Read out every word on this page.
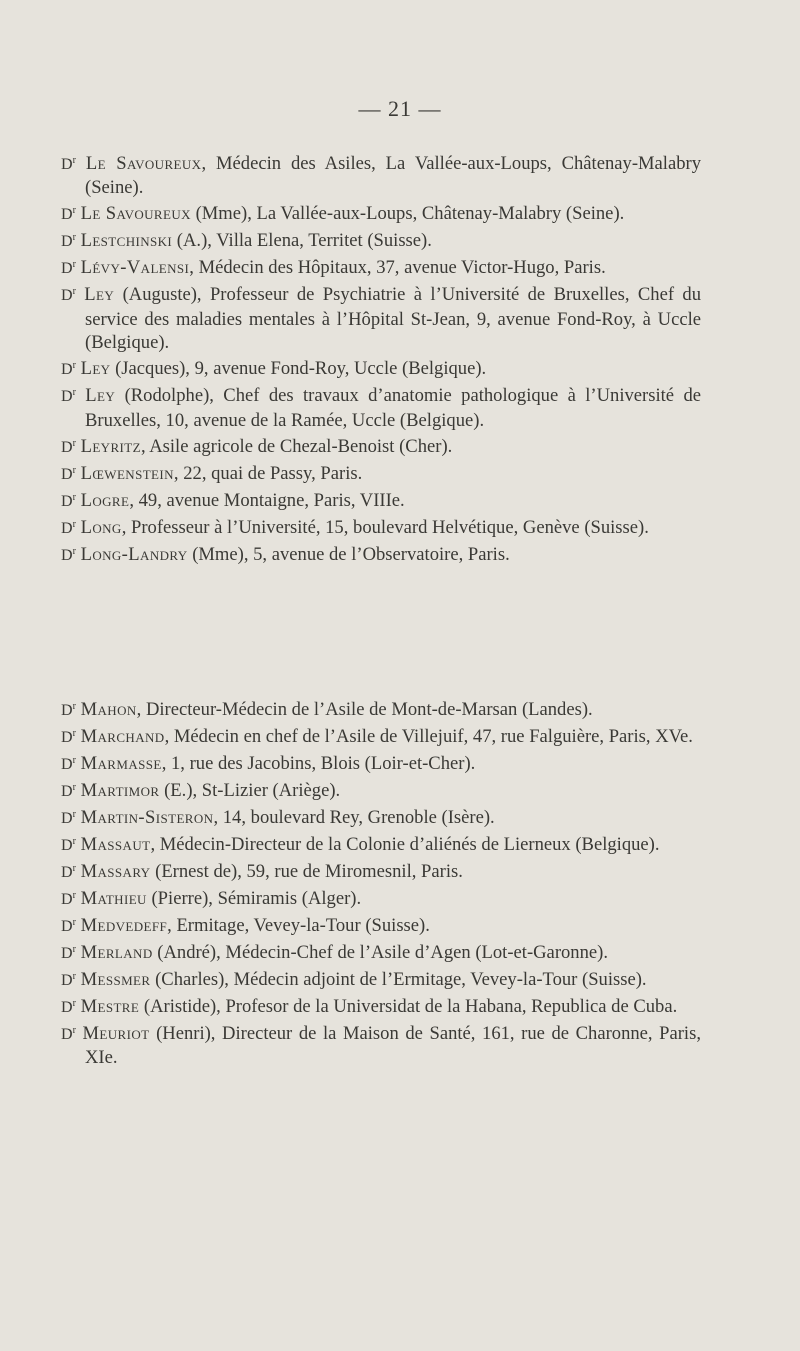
— 21 —

$D^r$ Le Savoureux, Médecin des Asiles, La Vallée-aux-Loups, Châtenay-Malabry (Seine).

$D^r$ Le Savoureux (Mme), La Vallée-aux-Loups, Châtenay-Malabry (Seine).

$D^r$ Lestchinski (A.), Villa Elena, Territet (Suisse).

$D^r$ Lévy-Valensi, Médecin des Hôpitaux, 37, avenue Victor-Hugo, Paris.

$D^r$ Ley (Auguste), Professeur de Psychiatrie à l’Université de Bruxelles, Chef du service des maladies mentales à l’Hôpital St-Jean, 9, avenue Fond-Roy, à Uccle (Belgique).

$D^r$ Ley (Jacques), 9, avenue Fond-Roy, Uccle (Belgique).

$D^r$ Ley (Rodolphe), Chef des travaux d’anatomie pathologique à l’Université de Bruxelles, 10, avenue de la Ramée, Uccle (Belgique).

$D^r$ Leyritz, Asile agricole de Chezal-Benoist (Cher).

$D^r$ Lœwenstein, 22, quai de Passy, Paris.

$D^r$ Logre, 49, avenue Montaigne, Paris, VIIIe.

$D^r$ Long, Professeur à l’Université, 15, boulevard Helvétique, Genève (Suisse).

$D^r$ Long-Landry (Mme), 5, avenue de l’Observatoire, Paris.

$D^r$ Mahon, Directeur-Médecin de l’Asile de Mont-de-Marsan (Landes).

$D^r$ Marchand, Médecin en chef de l’Asile de Villejuif, 47, rue Falguière, Paris, XVe.

$D^r$ Marmasse, 1, rue des Jacobins, Blois (Loir-et-Cher).

$D^r$ Martimor (E.), St-Lizier (Ariège).

$D^r$ Martin-Sisteron, 14, boulevard Rey, Grenoble (Isère).

$D^r$ Massaut, Médecin-Directeur de la Colonie d’aliénés de Lierneux (Belgique).

$D^r$ Massary (Ernest de), 59, rue de Miromesnil, Paris.

$D^r$ Mathieu (Pierre), Sémiramis (Alger).

$D^r$ Medvedeff, Ermitage, Vevey-la-Tour (Suisse).

$D^r$ Merland (André), Médecin-Chef de l’Asile d’Agen (Lot-et-Garonne).

$D^r$ Messmer (Charles), Médecin adjoint de l’Ermitage, Vevey-la-Tour (Suisse).

$D^r$ Mestre (Aristide), Profesor de la Universidat de la Habana, Republica de Cuba.

$D^r$ Meuriot (Henri), Directeur de la Maison de Santé, 161, rue de Charonne, Paris, XIe.
